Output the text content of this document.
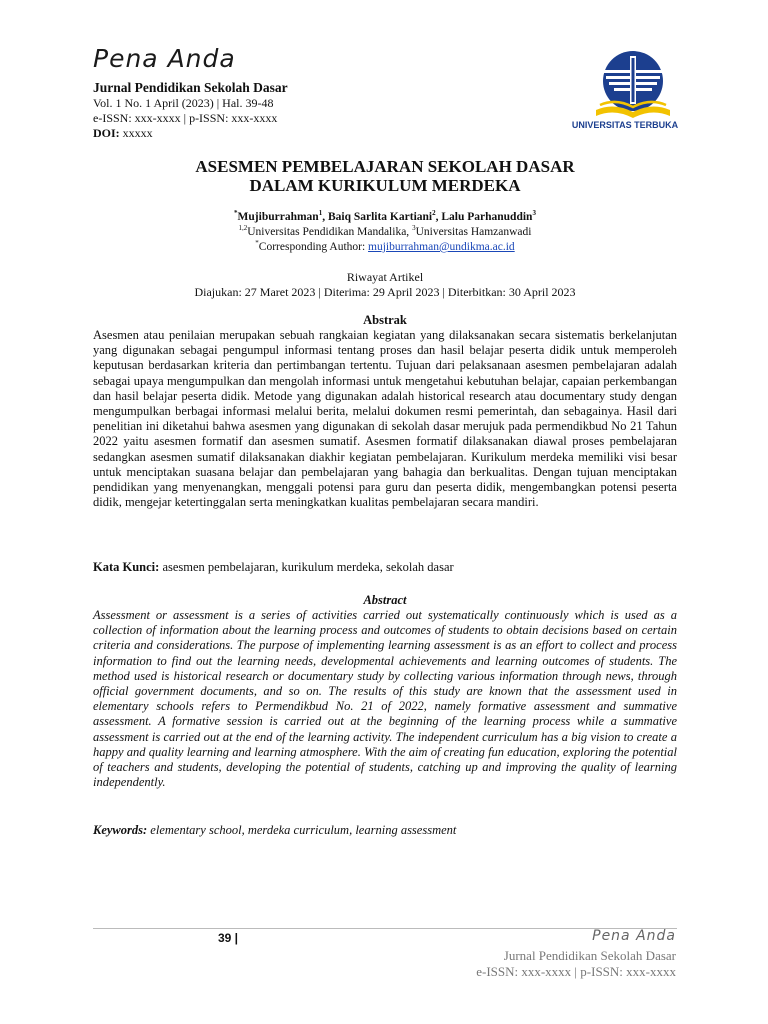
Pena Anda
Jurnal Pendidikan Sekolah Dasar
Vol. 1 No. 1 April (2023) | Hal. 39-48
e-ISSN: xxx-xxxx | p-ISSN: xxx-xxxx
DOI: xxxxx
UNIVERSITAS TERBUKA
ASESMEN PEMBELAJARAN SEKOLAH DASAR
DALAM KURIKULUM MERDEKA
*Mujiburrahman$^1$, Baiq Sarlita Kartiani$^2$, Lalu Parhanuddin$^3$
$^{1,2}$Universitas Pendidikan Mandalika, $^3$Universitas Hamzanwadi
*Corresponding Author: mujiburrahman@undikma.ac.id
Riwayat Artikel
Diajukan: 27 Maret 2023 | Diterima: 29 April 2023 | Diterbitkan: 30 April 2023
Abstrak
Asesmen atau penilaian merupakan sebuah rangkaian kegiatan yang dilaksanakan secara sistematis berkelanjutan yang digunakan sebagai pengumpul informasi tentang proses dan hasil belajar peserta didik untuk memperoleh keputusan berdasarkan kriteria dan pertimbangan tertentu. Tujuan dari pelaksanaan asesmen pembelajaran adalah sebagai upaya mengumpulkan dan mengolah informasi untuk mengetahui kebutuhan belajar, capaian perkembangan dan hasil belajar peserta didik. Metode yang digunakan adalah historical research atau documentary study dengan mengumpulkan berbagai informasi melalui berita, melalui dokumen resmi pemerintah, dan sebagainya. Hasil dari penelitian ini diketahui bahwa asesmen yang digunakan di sekolah dasar merujuk pada permendikbud No 21 Tahun 2022 yaitu asesmen formatif dan asesmen sumatif. Asesmen formatif dilaksanakan diawal proses pembelajaran sedangkan asesmen sumatif dilaksanakan diakhir kegiatan pembelajaran. Kurikulum merdeka memiliki visi besar untuk menciptakan suasana belajar dan pembelajaran yang bahagia dan berkualitas. Dengan tujuan menciptakan pendidikan yang menyenangkan, menggali potensi para guru dan peserta didik, mengembangkan potensi peserta didik, mengejar ketertinggalan serta meningkatkan kualitas pembelajaran secara mandiri.
Kata Kunci: asesmen pembelajaran, kurikulum merdeka, sekolah dasar
Abstract
Assessment or assessment is a series of activities carried out systematically continuously which is used as a collection of information about the learning process and outcomes of students to obtain decisions based on certain criteria and considerations. The purpose of implementing learning assessment is as an effort to collect and process information to find out the learning needs, developmental achievements and learning outcomes of students. The method used is historical research or documentary study by collecting various information through news, through official government documents, and so on. The results of this study are known that the assessment used in elementary schools refers to Permendikbud No. 21 of 2022, namely formative assessment and summative assessment. A formative session is carried out at the beginning of the learning process while a summative assessment is carried out at the end of the learning activity. The independent curriculum has a big vision to create a happy and quality learning and learning atmosphere. With the aim of creating fun education, exploring the potential of teachers and students, developing the potential of students, catching up and improving the quality of learning independently.
Keywords: elementary school, merdeka curriculum, learning assessment
39 |	Pena Anda
Jurnal Pendidikan Sekolah Dasar
e-ISSN: xxx-xxxx | p-ISSN: xxx-xxxx
